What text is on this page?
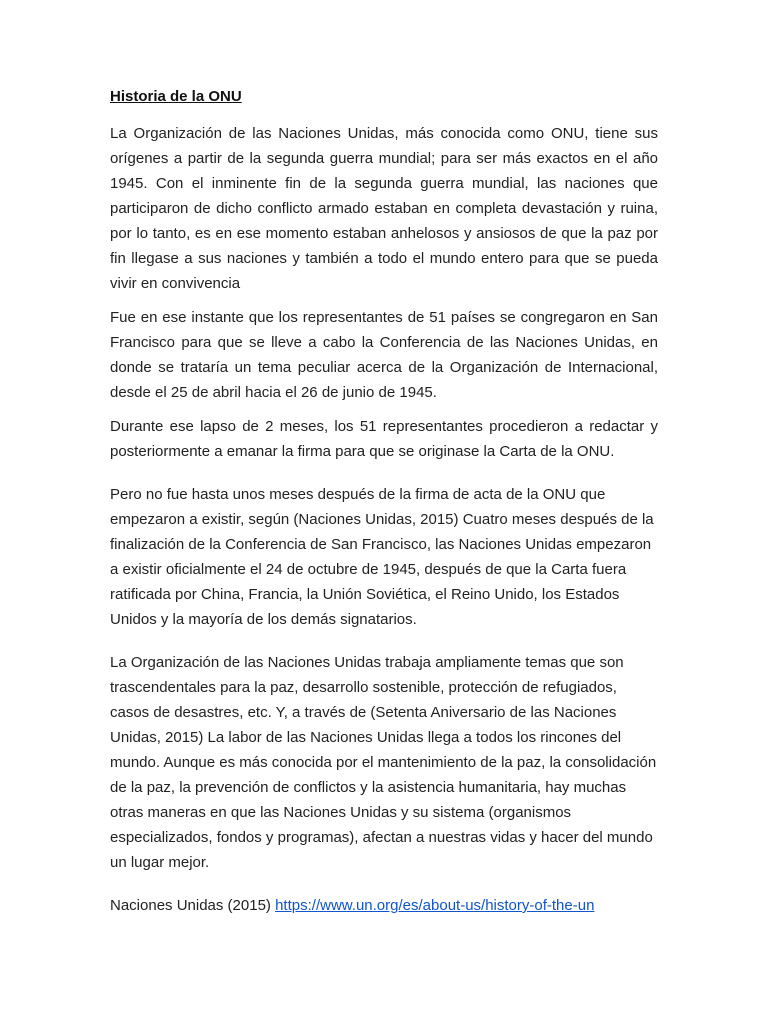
Historia de la ONU
La Organización de las Naciones Unidas, más conocida como ONU, tiene sus orígenes a partir de la segunda guerra mundial; para ser más exactos en el año 1945. Con el inminente fin de la segunda guerra mundial, las naciones que participaron de dicho conflicto armado estaban en completa devastación y ruina, por lo tanto, es en ese momento estaban anhelosos y ansiosos de que la paz por fin llegase a sus naciones y también a todo el mundo entero para que se pueda vivir en convivencia
Fue en ese instante que los representantes de 51 países se congregaron en San Francisco para que se lleve a cabo la Conferencia de las Naciones Unidas, en donde se trataría un tema peculiar acerca de la Organización de Internacional, desde el 25 de abril hacia el 26 de junio de 1945.
Durante ese lapso de 2 meses, los 51 representantes procedieron a redactar y posteriormente a emanar la firma para que se originase la Carta de la ONU.
Pero no fue hasta unos meses después de la firma de acta de la ONU que empezaron a existir, según (Naciones Unidas, 2015) Cuatro meses después de la finalización de la Conferencia de San Francisco, las Naciones Unidas empezaron a existir oficialmente el 24 de octubre de 1945, después de que la Carta fuera ratificada por China, Francia, la Unión Soviética, el Reino Unido, los Estados Unidos y la mayoría de los demás signatarios.
La Organización de las Naciones Unidas trabaja ampliamente temas que son trascendentales para la paz, desarrollo sostenible, protección de refugiados, casos de desastres, etc. Y, a través de (Setenta Aniversario de las Naciones Unidas, 2015) La labor de las Naciones Unidas llega a todos los rincones del mundo. Aunque es más conocida por el mantenimiento de la paz, la consolidación de la paz, la prevención de conflictos y la asistencia humanitaria, hay muchas otras maneras en que las Naciones Unidas y su sistema (organismos especializados, fondos y programas), afectan a nuestras vidas y hacer del mundo un lugar mejor.
Naciones Unidas (2015) https://www.un.org/es/about-us/history-of-the-un
